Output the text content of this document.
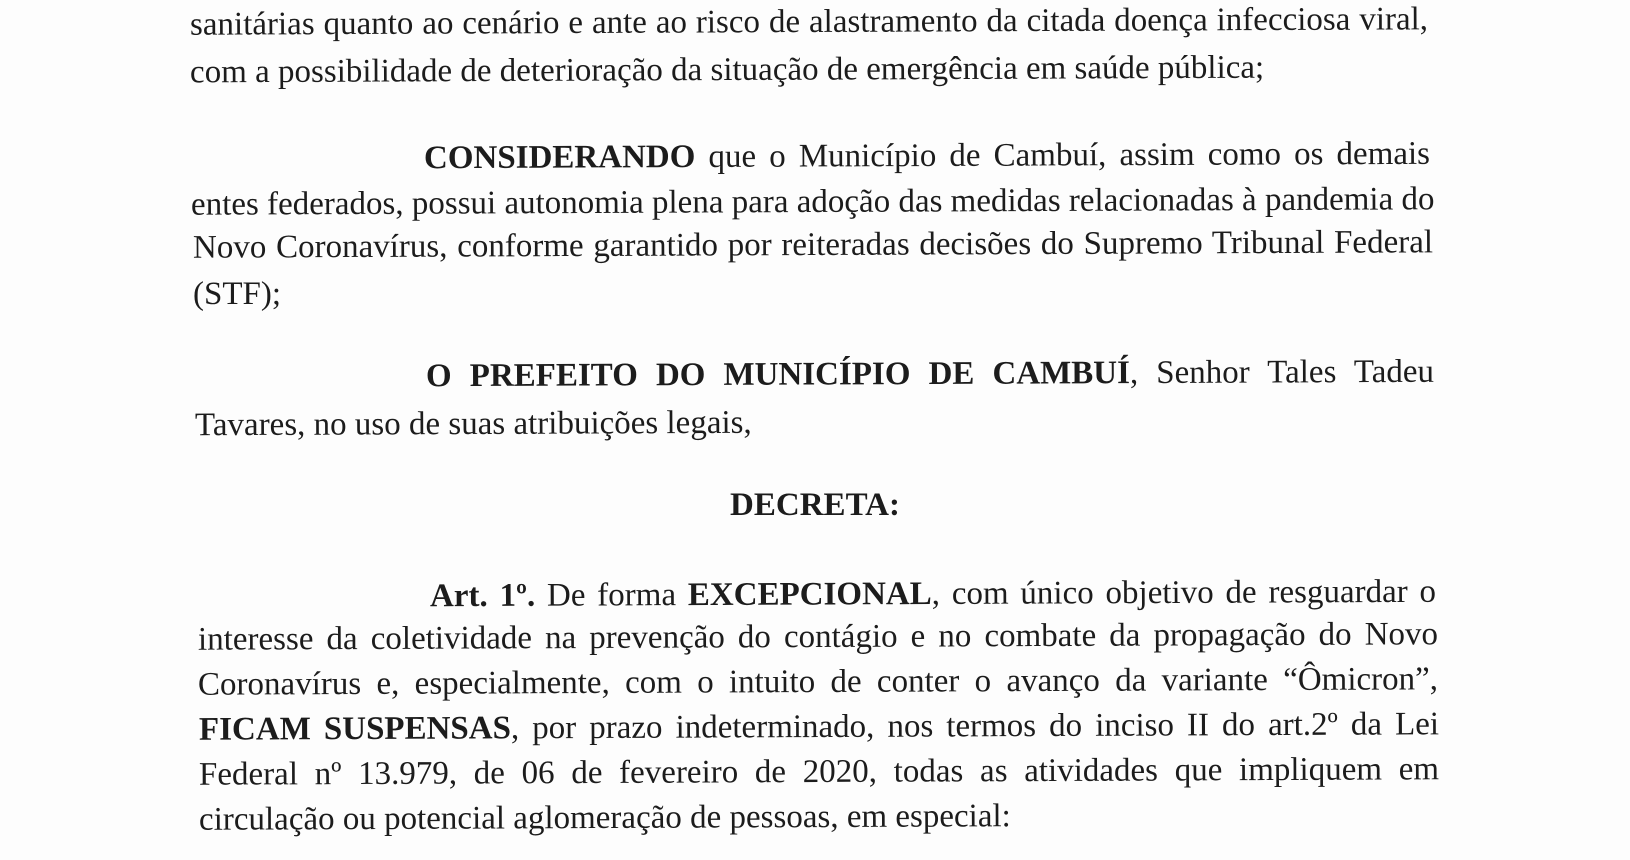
sanitárias quanto ao cenário e ante ao risco de alastramento da citada doença infecciosa viral,
com a possibilidade de deterioração da situação de emergência em saúde pública;
CONSIDERANDO que o Município de Cambuí, assim como os demais
entes federados, possui autonomia plena para adoção das medidas relacionadas à pandemia do
Novo Coronavírus, conforme garantido por reiteradas decisões do Supremo Tribunal Federal
(STF);
O PREFEITO DO MUNICÍPIO DE CAMBUÍ, Senhor Tales Tadeu
Tavares, no uso de suas atribuições legais,
DECRETA:
Art. 1º. De forma EXCEPCIONAL, com único objetivo de resguardar o
interesse da coletividade na prevenção do contágio e no combate da propagação do Novo
Coronavírus e, especialmente, com o intuito de conter o avanço da variante “Ômicron”,
FICAM SUSPENSAS, por prazo indeterminado, nos termos do inciso II do art.2º da Lei
Federal nº 13.979, de 06 de fevereiro de 2020, todas as atividades que impliquem em
circulação ou potencial aglomeração de pessoas, em especial:
